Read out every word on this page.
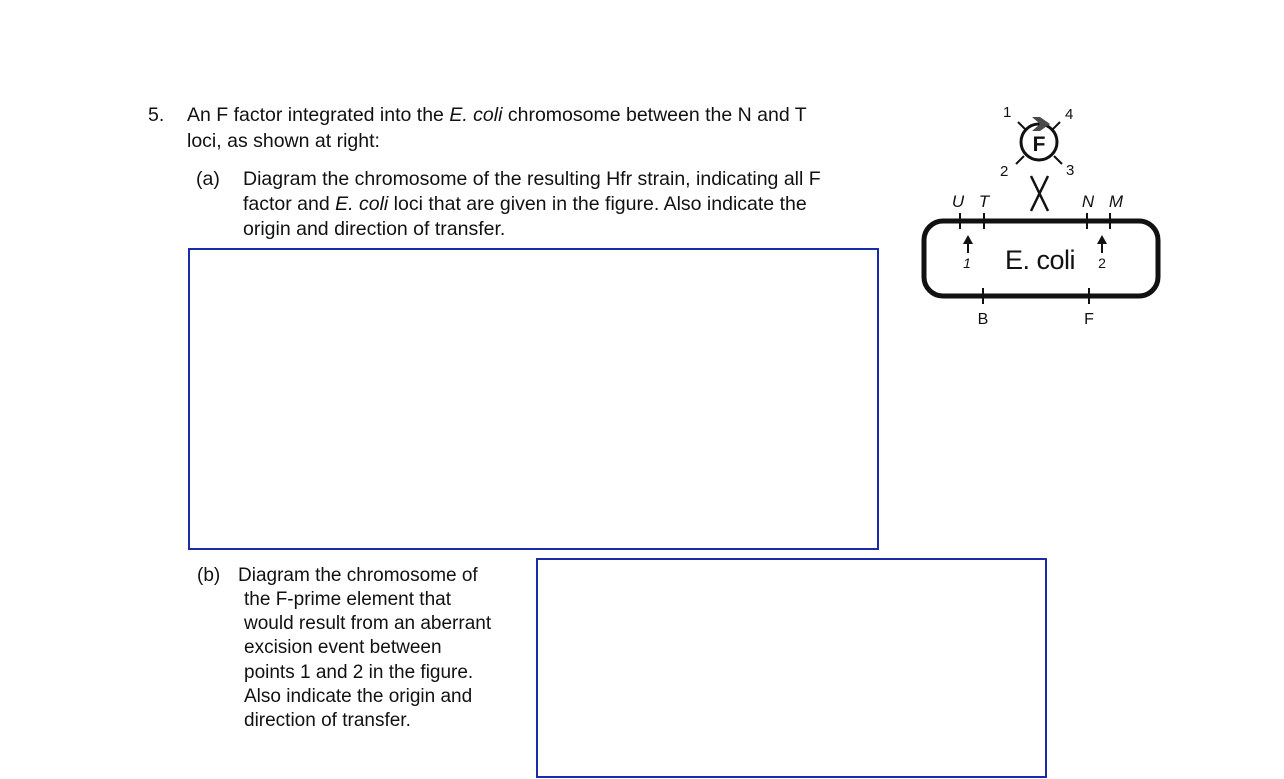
5. An F factor integrated into the E. coli chromosome between the N and T
loci, as shown at right:
(a) Diagram the chromosome of the resulting Hfr strain, indicating all F
factor and E. coli loci that are given in the figure. Also indicate the
origin and direction of transfer.
(b) Diagram the chromosome of
the F-prime element that
would result from an aberrant
excision event between
points 1 and 2 in the figure.
Also indicate the origin and
direction of transfer.
F
1	4
2	3
E. coli
U T	N M
B	F
1	2
